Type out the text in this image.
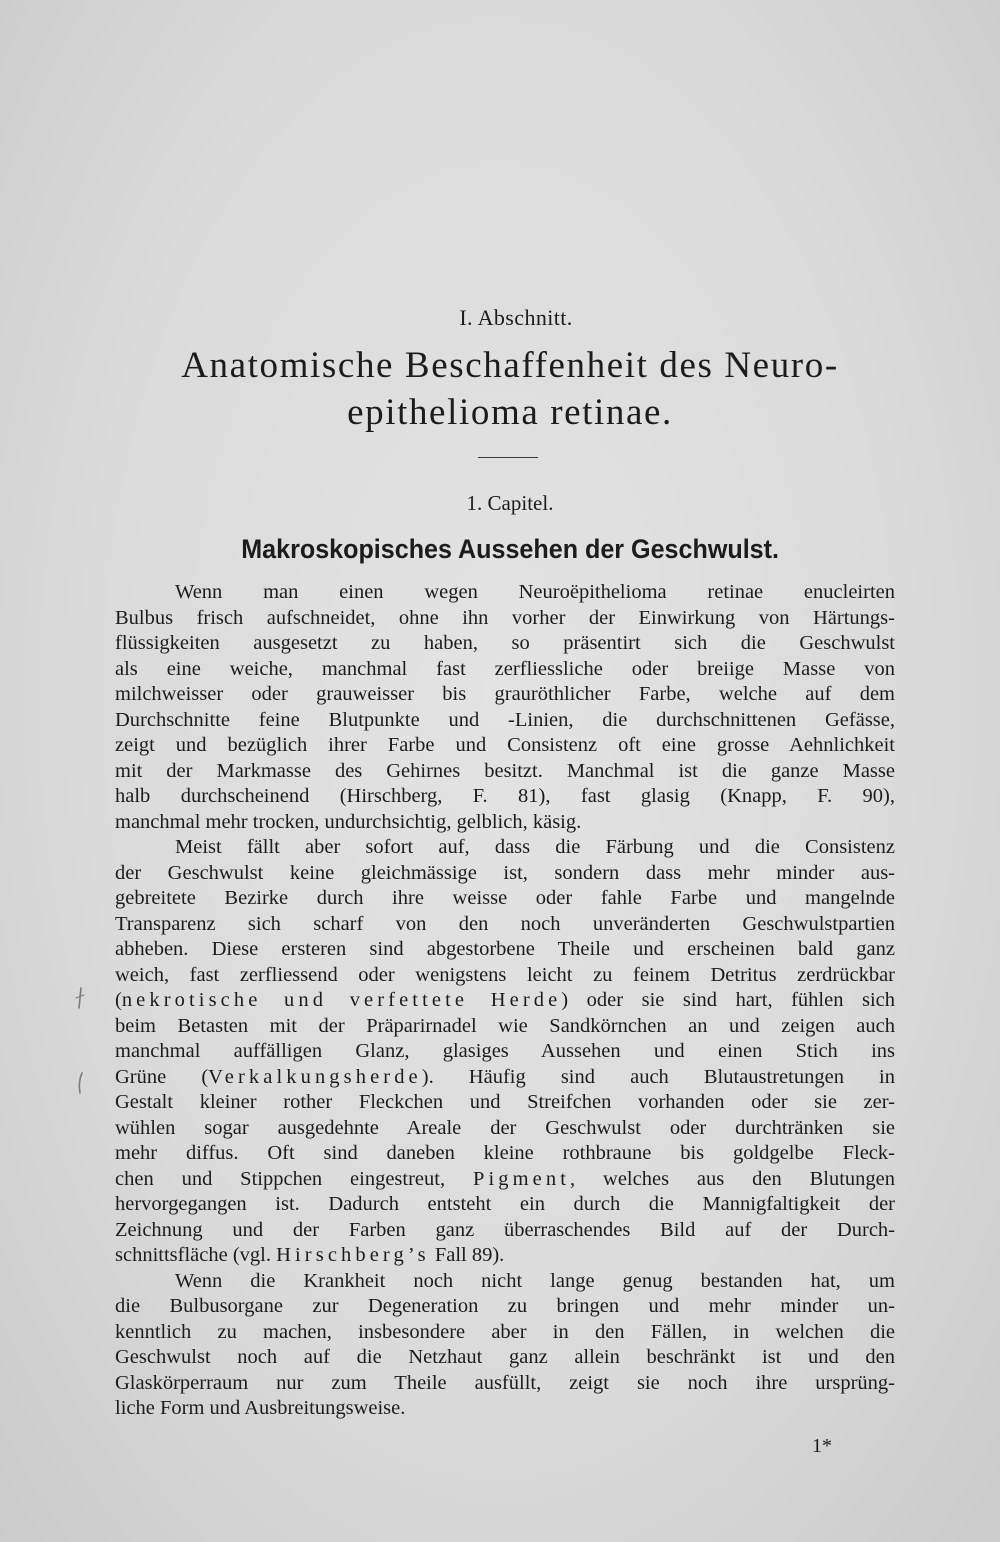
I. Abschnitt.
Anatomische Beschaffenheit des Neuro-
epithelioma retinae.
1. Capitel.
Makroskopisches Aussehen der Geschwulst.
Wenn man einen wegen Neuroëpithelioma retinae enucleirten
Bulbus frisch aufschneidet, ohne ihn vorher der Einwirkung von Härtungs-
flüssigkeiten ausgesetzt zu haben, so präsentirt sich die Geschwulst
als eine weiche, manchmal fast zerfliessliche oder breiige Masse von
milchweisser oder grauweisser bis grauröthlicher Farbe, welche auf dem
Durchschnitte feine Blutpunkte und -Linien, die durchschnittenen Gefässe,
zeigt und bezüglich ihrer Farbe und Consistenz oft eine grosse Aehnlichkeit
mit der Markmasse des Gehirnes besitzt. Manchmal ist die ganze Masse
halb durchscheinend (Hirschberg, F. 81), fast glasig (Knapp, F. 90),
manchmal mehr trocken, undurchsichtig, gelblich, käsig.
Meist fällt aber sofort auf, dass die Färbung und die Consistenz
der Geschwulst keine gleichmässige ist, sondern dass mehr minder aus-
gebreitete Bezirke durch ihre weisse oder fahle Farbe und mangelnde
Transparenz sich scharf von den noch unveränderten Geschwulstpartien
abheben. Diese ersteren sind abgestorbene Theile und erscheinen bald ganz
weich, fast zerfliessend oder wenigstens leicht zu feinem Detritus zerdrückbar
(nekrotische und verfettete Herde) oder sie sind hart, fühlen sich
beim Betasten mit der Präparirnadel wie Sandkörnchen an und zeigen auch
manchmal auffälligen Glanz, glasiges Aussehen und einen Stich ins
Grüne (Verkalkungsherde). Häufig sind auch Blutaustretungen in
Gestalt kleiner rother Fleckchen und Streifchen vorhanden oder sie zer-
wühlen sogar ausgedehnte Areale der Geschwulst oder durchtränken sie
mehr diffus. Oft sind daneben kleine rothbraune bis goldgelbe Fleck-
chen und Stippchen eingestreut, Pigment, welches aus den Blutungen
hervorgegangen ist. Dadurch entsteht ein durch die Mannigfaltigkeit der
Zeichnung und der Farben ganz überraschendes Bild auf der Durch-
schnittsfläche (vgl. Hirschberg’s Fall 89).
Wenn die Krankheit noch nicht lange genug bestanden hat, um
die Bulbusorgane zur Degeneration zu bringen und mehr minder un-
kenntlich zu machen, insbesondere aber in den Fällen, in welchen die
Geschwulst noch auf die Netzhaut ganz allein beschränkt ist und den
Glaskörperraum nur zum Theile ausfüllt, zeigt sie noch ihre ursprüng-
liche Form und Ausbreitungsweise.
1*
